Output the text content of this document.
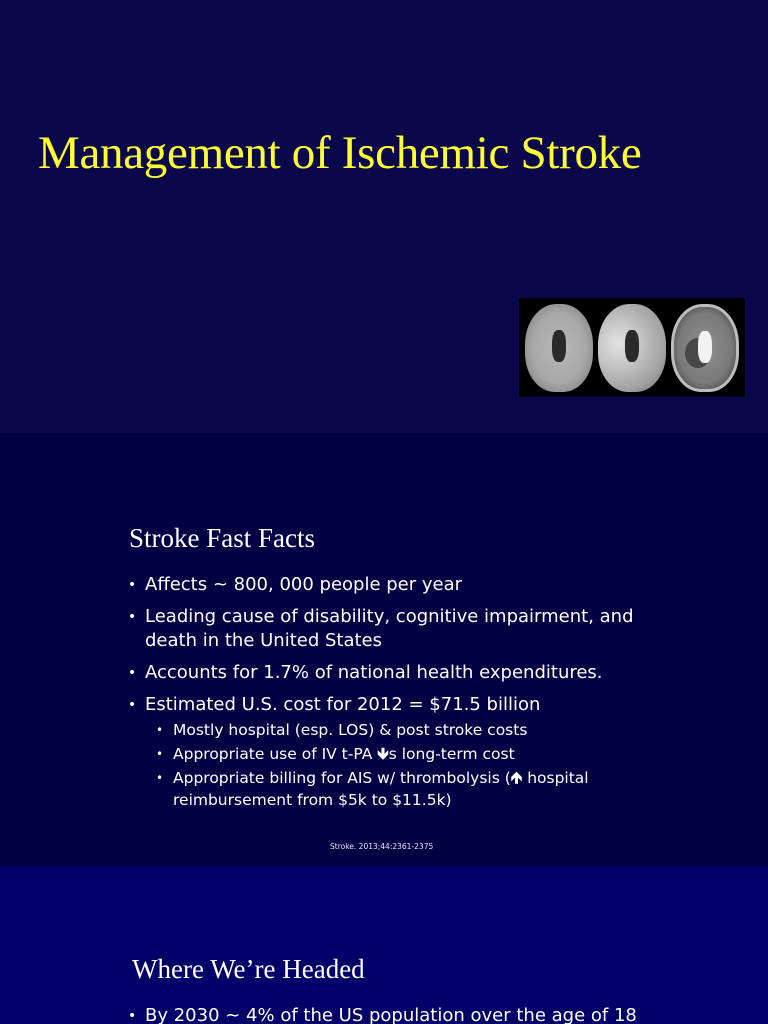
Management of Ischemic Stroke
Stroke Fast Facts
• Affects ~ 800, 000 people per year
• Leading cause of disability, cognitive impairment, and death in the United States
• Accounts for 1.7% of national health expenditures.
• Estimated U.S. cost for 2012 = $71.5 billion
• Mostly hospital (esp. LOS) & post stroke costs
• Appropriate use of IV t-PA 🡻s long-term cost
• Appropriate billing for AIS w/ thrombolysis (🡹 hospital reimbursement from $5k to $11.5k)
Stroke. 2013;44:2361-2375
Where We’re Headed
• By 2030 ~ 4% of the US population over the age of 18
